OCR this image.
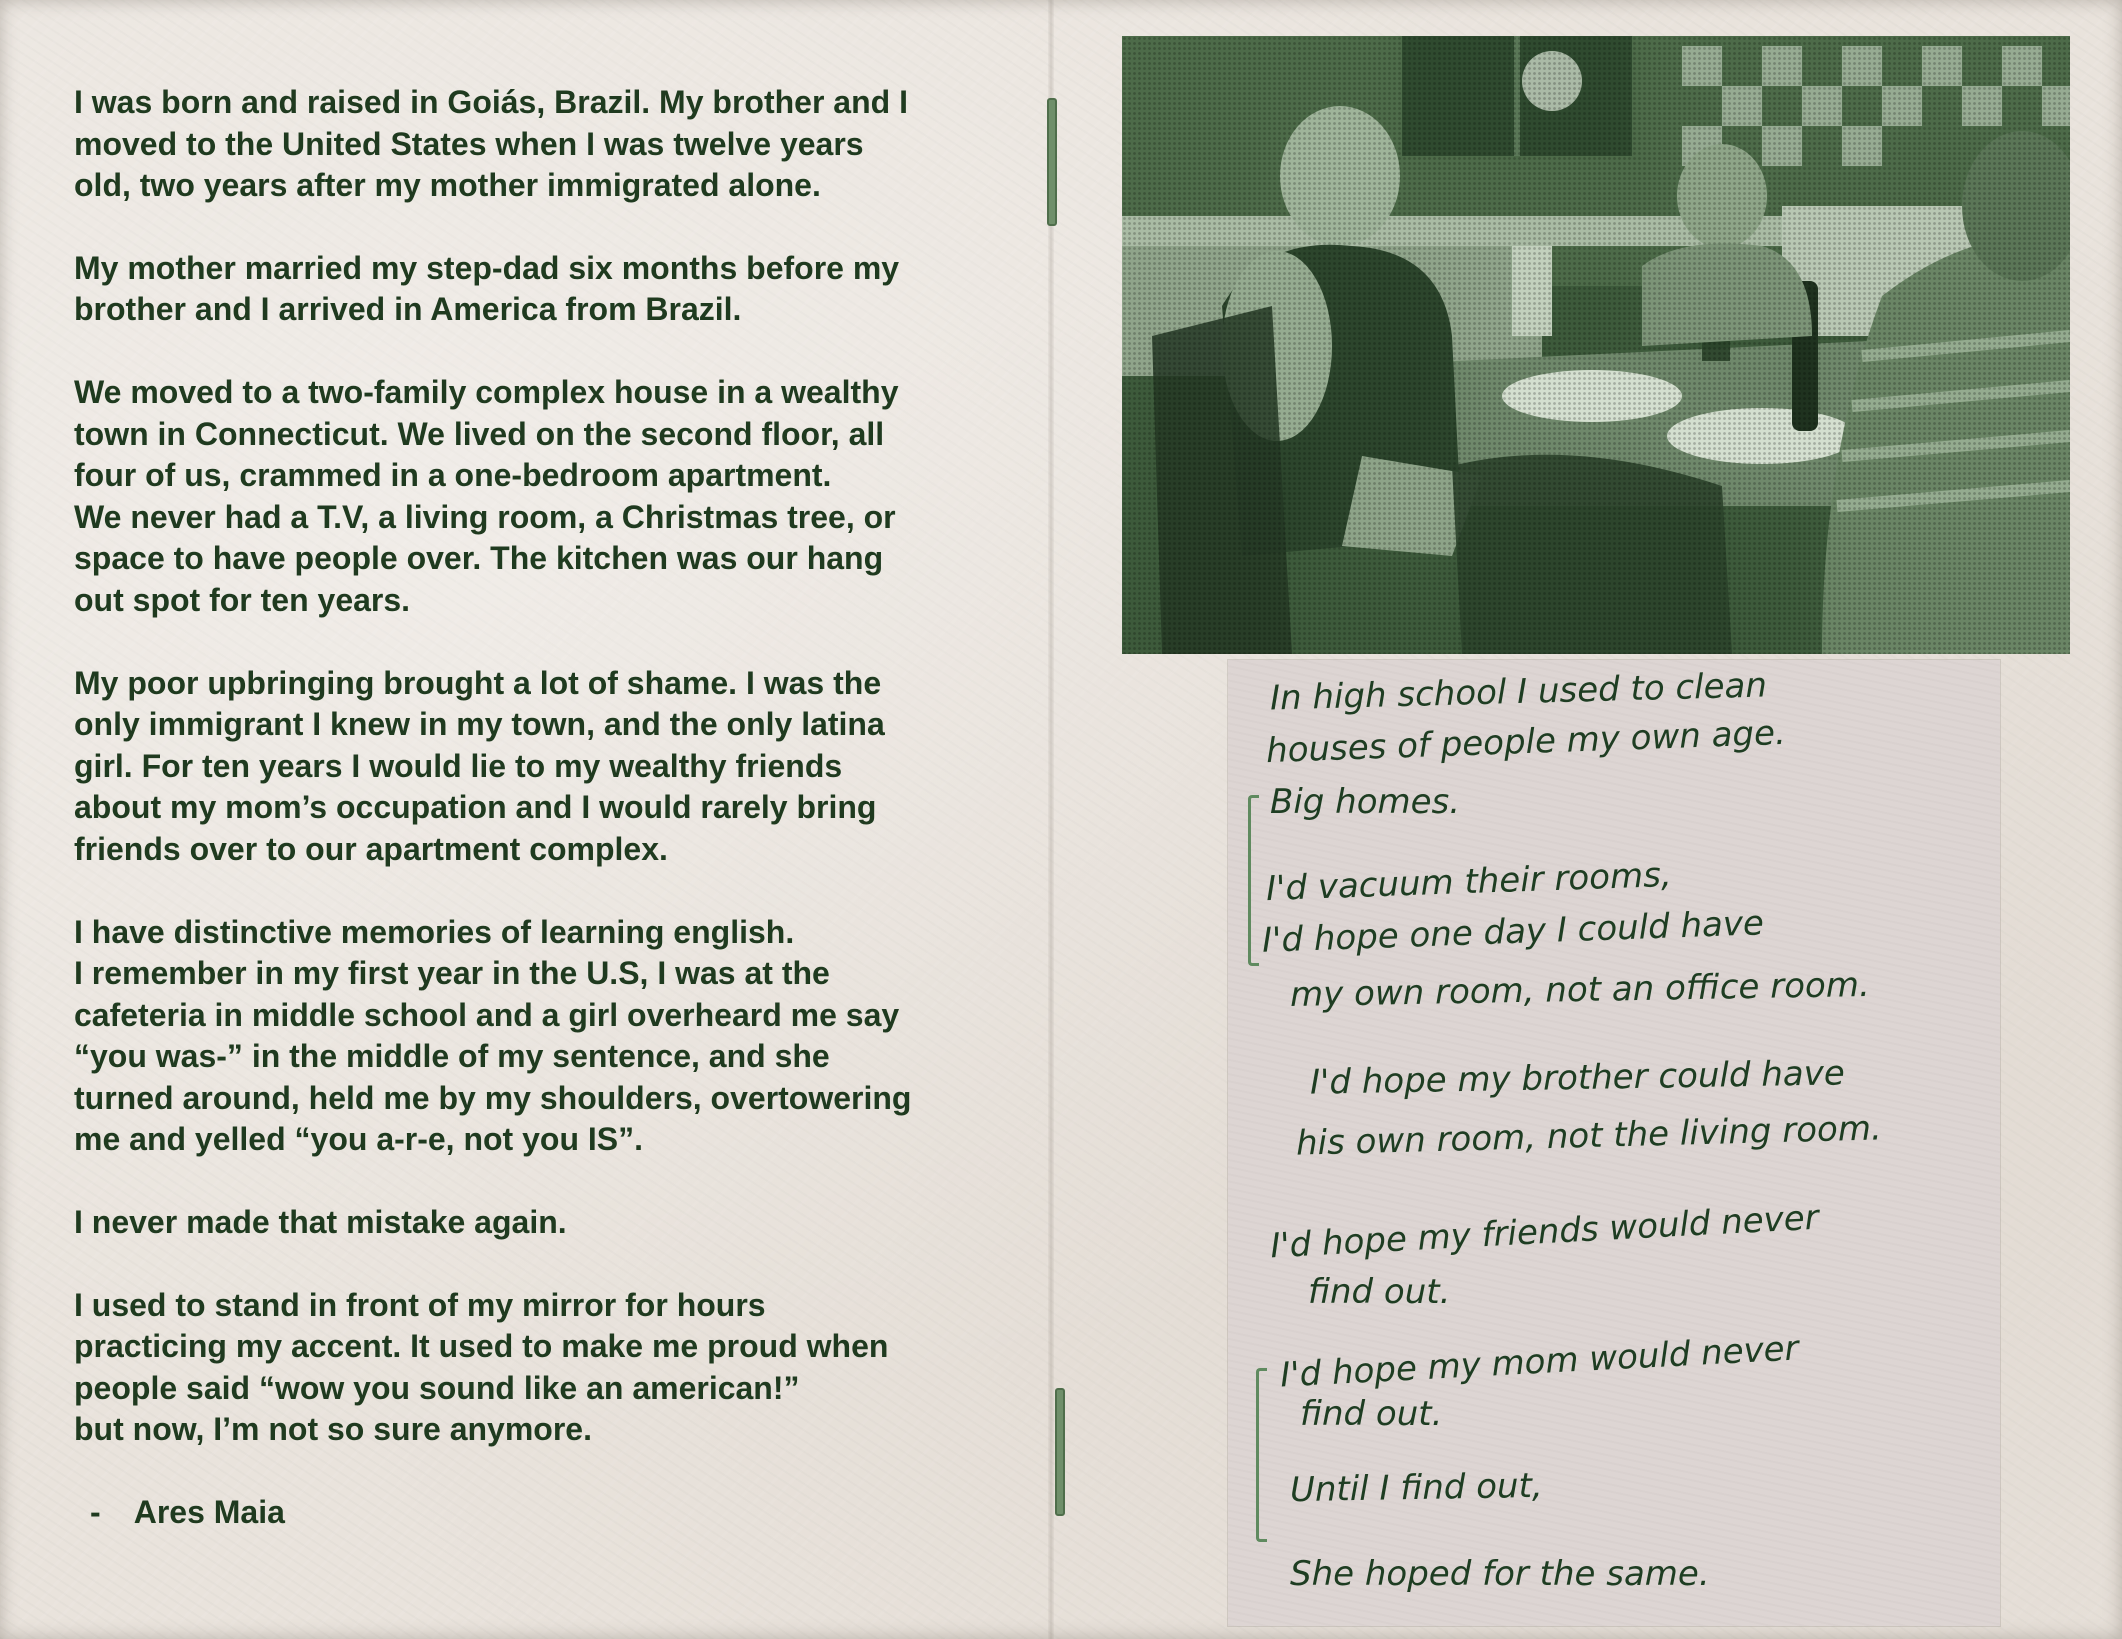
I was born and raised in Goiás, Brazil. My brother and I
moved to the United States when I was twelve years
old, two years after my mother immigrated alone.

My mother married my step-dad six months before my
brother and I arrived in America from Brazil.

We moved to a two-family complex house in a wealthy
town in Connecticut. We lived on the second floor, all
four of us, crammed in a one-bedroom apartment.
We never had a T.V, a living room, a Christmas tree, or
space to have people over. The kitchen was our hang
out spot for ten years.

My poor upbringing brought a lot of shame. I was the
only immigrant I knew in my town, and the only latina
girl. For ten years I would lie to my wealthy friends
about my mom’s occupation and I would rarely bring
friends over to our apartment complex.

I have distinctive memories of learning english.
I remember in my first year in the U.S, I was at the
cafeteria in middle school and a girl overheard me say
“you was-” in the middle of my sentence, and she
turned around, held me by my shoulders, overtowering
me and yelled “you a-r-e, not you IS”.

I never made that mistake again.

I used to stand in front of my mirror for hours
practicing my accent. It used to make me proud when
people said “wow you sound like an american!”
but now, I’m not so sure anymore.

- Ares Maia
In high school I used to clean
houses of people my own age.
Big homes.
I'd vacuum their rooms,
I'd hope one day I could have
my own room, not an office room.
I'd hope my brother could have
his own room, not the living room.
I'd hope my friends would never
find out.
I'd hope my mom would never
find out.
Until I find out,
She hoped for the same.
